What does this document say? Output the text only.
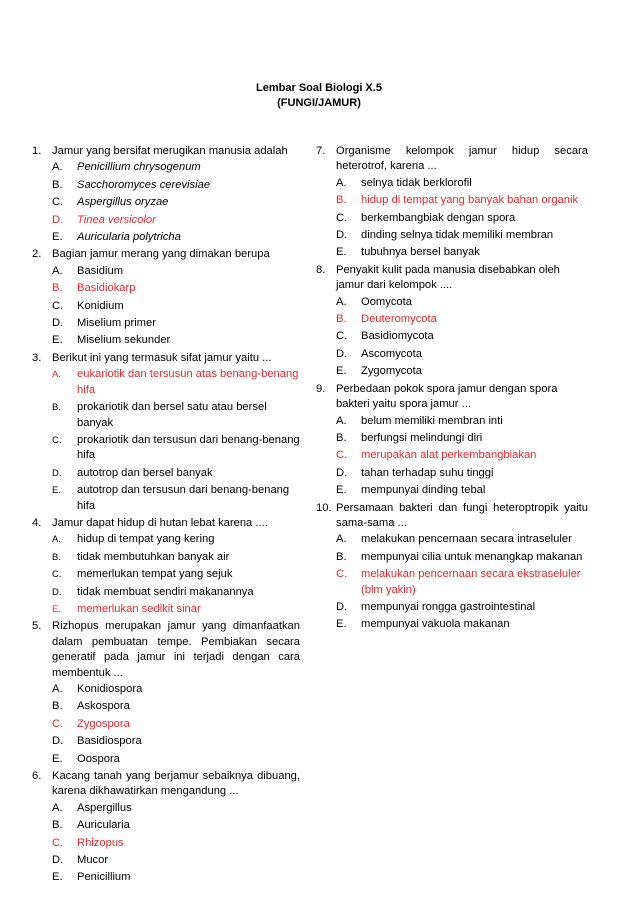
Lembar Soal Biologi X.5
(FUNGI/JAMUR)
1. Jamur yang bersifat merugikan manusia adalah
A.	Penicillium chrysogenum
B.	Sacchoromyces cerevisiae
C.	Aspergillus oryzae
D.	Tinea versicolor
E.	Auricularia polytricha
2. Bagian jamur merang yang dimakan berupa
A.	Basidium
B.	Basidiokarp
C.	Konidium
D.	Miselium primer
E.	Miselium sekunder
3. Berikut ini yang termasuk sifat jamur yaitu ...
A.	eukariotik dan tersusun atas benang-benang hifa
B.	prokariotik dan bersel satu atau bersel banyak
C.	prokariotik dan tersusun dari benang-benang hifa
D.	autotrop dan bersel banyak
E.	autotrop dan tersusun dari benang-benang hifa
4. Jamur dapat hidup di hutan lebat karena ....
A.	hidup di tempat yang kering
B.	tidak membutuhkan banyak air
C.	memerlukan tempat yang sejuk
D.	tidak membuat sendiri makanannya
E.	memerlukan sedikit sinar
5. Rizhopus merupakan jamur yang dimanfaatkan dalam pembuatan tempe. Pembiakan secara generatif pada jamur ini terjadi dengan cara membentuk ...
A.	Konidiospora
B.	Askospora
C.	Zygospora
D.	Basidiospora
E.	Oospora
6. Kacang tanah yang berjamur sebaiknya dibuang, karena dikhawatirkan mengandung ...
A.	Aspergillus
B.	Auricularia
C.	Rhizopus
D.	Mucor
E.	Penicillium
7. Organisme kelompok jamur hidup secara heterotrof, karena ...
A.	selnya tidak berklorofil
B.	hidup di tempat yang banyak bahan organik
C.	berkembangbiak dengan spora
D.	dinding selnya tidak memiliki membran
E.	tubuhnya bersel banyak
8. Penyakit kulit pada manusia disebabkan oleh jamur dari kelompok ....
A.	Oomycota
B.	Deuteromycota
C.	Basidiomycota
D.	Ascomycota
E.	Zygomycota
9. Perbedaan pokok spora jamur dengan spora bakteri yaitu spora jamur ...
A.	belum memiliki membran inti
B.	berfungsi melindungi diri
C.	merupakan alat perkembangbiakan
D.	tahan terhadap suhu tinggi
E.	mempunyai dinding tebal
10. Persamaan bakteri dan fungi heteroptropik yaitu sama-sama ...
A.	melakukan pencernaan secara intraseluler
B.	mempunyai cilia untuk menangkap makanan
C.	melakukan pencernaan secara ekstraseluler (blm yakin)
D.	mempunyai rongga gastrointestinal
E.	mempunyai vakuola makanan
